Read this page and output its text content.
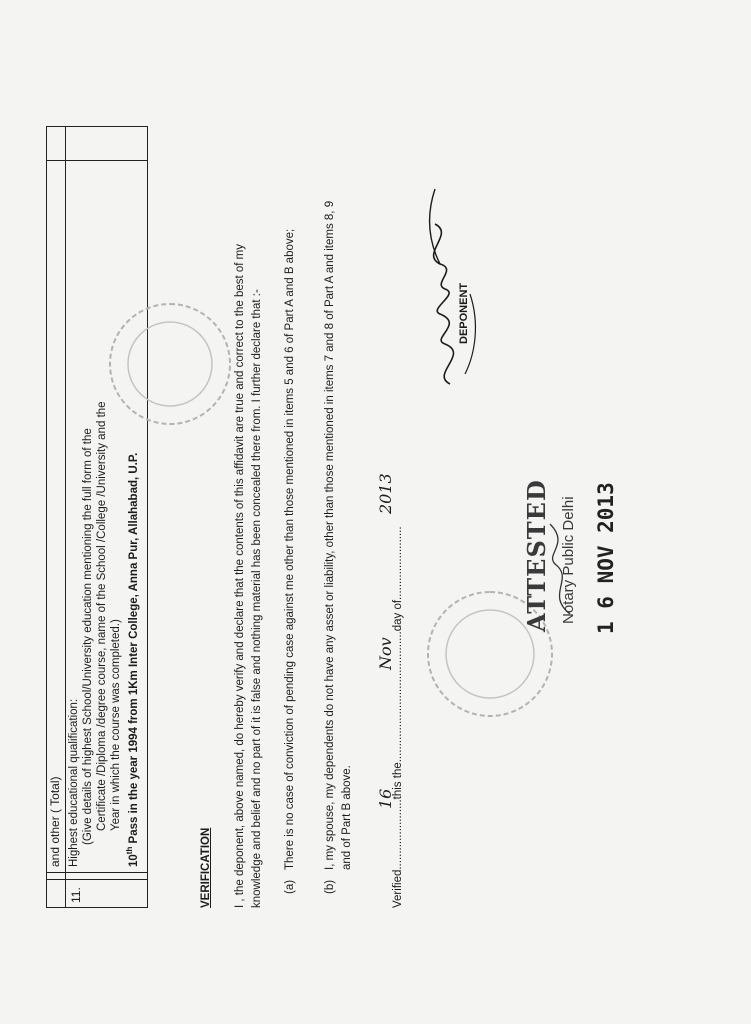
and other ( Total)
11.
Highest educational qualification: (Give details of highest School/University education mentioning the full form of the Certificate /Diploma /degree course, name of the School /College /University and the Year in which the course was completed.)
10th Pass in the year 1994 from 1Km Inter College, Anna Pur, Allahabad, U.P.
VERIFICATION I , the deponent, above named, do hereby verify and declare that the contents of this affidavit are true and correct to the best of my knowledge and belief and no part of it is false and nothing material has been concealed there from. I further declare that :- (a)
There is no case of conviction of pending case against me other than those mentioned in items 5 and 6 of Part A and B above;
(b)
I, my spouse, my dependents do not have any asset or liability, other than those mentioned in items 7 and 8 of Part A and items 8, 9 and of Part B above.
Verified......................this the.........................................day of.......................
16
Nov
2013
DEPONENT
ATTESTED Notary Public Delhi 1 6 NOV 2013
